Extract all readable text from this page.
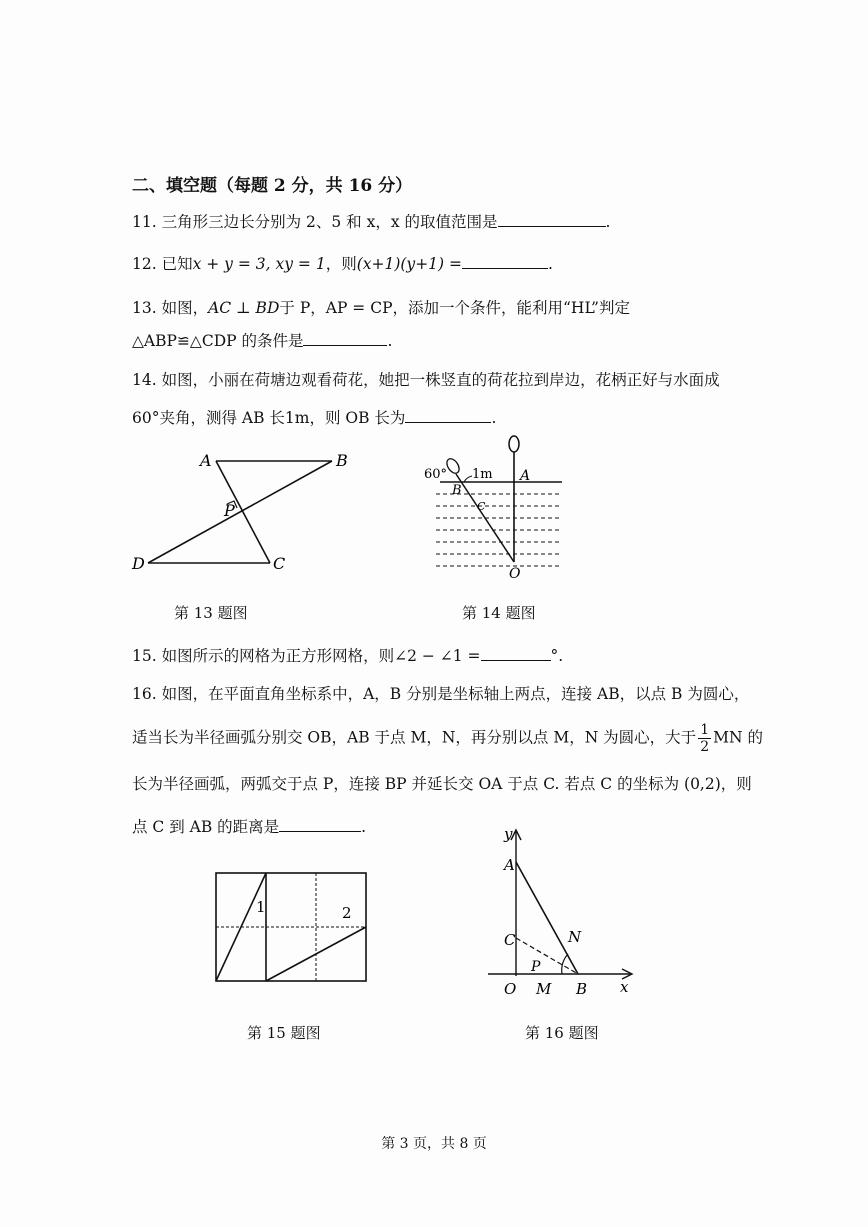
二、填空题（每题 2 分，共 16 分）
11. 三角形三边长分别为 2、5 和 x，x 的取值范围是	.
12. 已知x + y = 3, xy = 1，则(x+1)(y+1) =	.
13. 如图，AC ⊥ BD于 P，AP = CP，添加一个条件，能利用“HL”判定
△ABP≌△CDP 的条件是	.
14. 如图，小丽在荷塘边观看荷花，她把一株竖直的荷花拉到岸边，花柄正好与水面成
60°夹角，测得 AB 长1m，则 OB 长为	.
A	B
P
D	C
第 13 题图
60° 1m A
B
C
O
第 14 题图
15. 如图所示的网格为正方形网格，则∠2 − ∠1 =	°.
16. 如图，在平面直角坐标系中，A，B 分别是坐标轴上两点，连接 AB，以点 B 为圆心，
适当长为半径画弧分别交 OB，AB 于点 M，N，再分别以点 M，N 为圆心，大于 $\frac{1}{2}$ MN 的
长为半径画弧，两弧交于点 P，连接 BP 并延长交 OA 于点 C. 若点 C 的坐标为 (0,2)，则
点 C 到 AB 的距离是	.
1	2
第 15 题图
y
A
C	N
P
O M B x
第 16 题图
第 3 页，共 8 页
